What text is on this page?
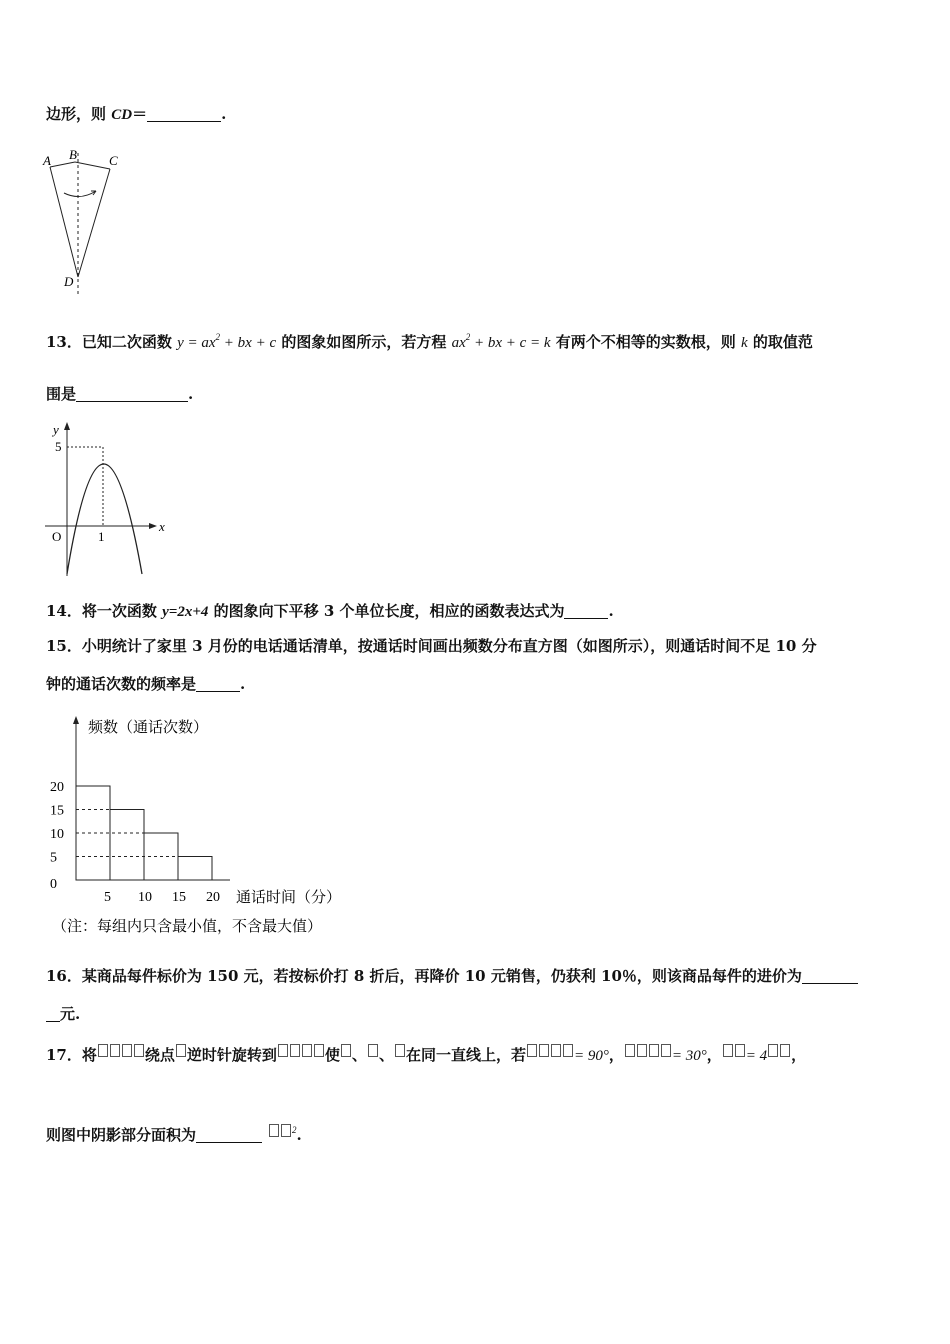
边形，则 CD＝	.
A B C
D
13．已知二次函数 $y = ax^2$ + bx + c 的图象如图所示，若方程 $ax^2$ + bx + c = k 有两个不相等的实数根，则 k 的取值范
围是	.
y
x
O	1
5
14．将一次函数 y=2x+4 的图象向下平移 3 个单位长度，相应的函数表达式为	.
15．小明统计了家里 3 月份的电话通话清单，按通话时间画出频数分布直方图（如图所示），则通话时间不足 10 分
钟的通话次数的频率是	.
频数（通话次数）
通话时间（分）
（注：每组内只含最小值，不含最大值）
0
5
10
15
20
5 10 15 20
16．某商品每件标价为 150 元，若按标价打 8 折后，再降价 10 元销售，仍获利 10％，则该商品每件的进价为
元.
17．将	绕点 逆时针旋转到	使 、 、 在同一直线上，若	= 90°，	= 30°， = 4 ，
则图中阴影部分面积为	$^2$.
